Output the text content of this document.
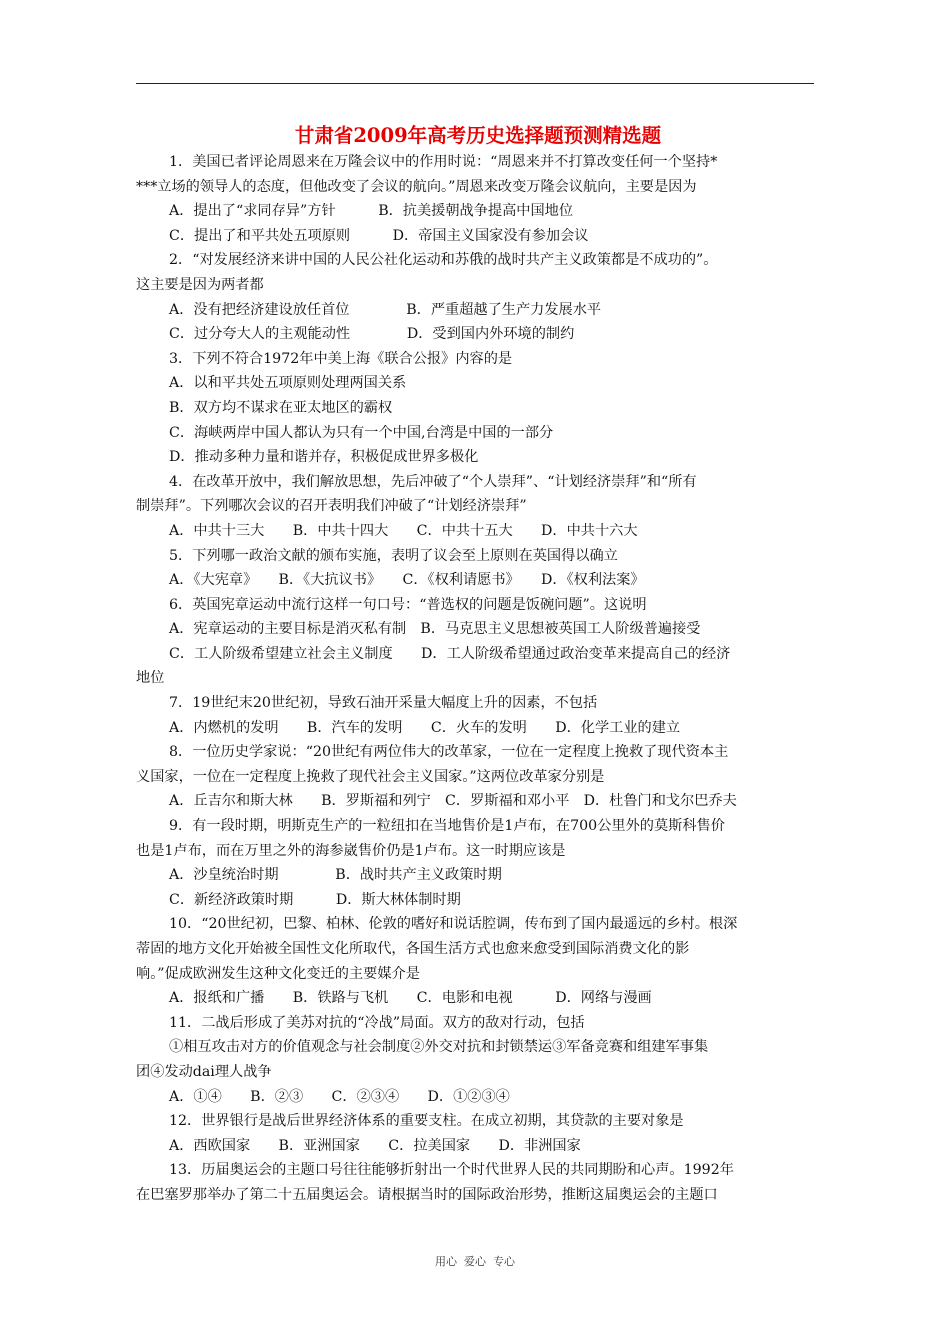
甘肃省2009年高考历史选择题预测精选题
1．美国已者评论周恩来在万隆会议中的作用时说：“周恩来并不打算改变任何一个坚持*
***立场的领导人的态度，但他改变了会议的航向。”周恩来改变万隆会议航向，主要是因为
A．提出了“求同存异”方针　　　B．抗美援朝战争提高中国地位
C．提出了和平共处五项原则　　　D．帝国主义国家没有参加会议
2．“对发展经济来讲中国的人民公社化运动和苏俄的战时共产主义政策都是不成功的”。
这主要是因为两者都
A．没有把经济建设放任首位　　　　B．严重超越了生产力发展水平
C．过分夸大人的主观能动性　　　　D．受到国内外环境的制约
3．下列不符合1972年中美上海《联合公报》内容的是
A．以和平共处五项原则处理两国关系
B．双方均不谋求在亚太地区的霸权
C．海峡两岸中国人都认为只有一个中国,台湾是中国的一部分
D．推动多种力量和谐并存，积极促成世界多极化
4．在改革开放中，我们解放思想，先后冲破了“个人崇拜”、“计划经济崇拜”和“所有
制崇拜”。下列哪次会议的召开表明我们冲破了“计划经济崇拜”
A．中共十三大　　B．中共十四大　　C．中共十五大　　D．中共十六大
5．下列哪一政治文献的颁布实施，表明了议会至上原则在英国得以确立
A．《大宪章》　　B．《大抗议书》　　C．《权利请愿书》　　D．《权利法案》
6．英国宪章运动中流行这样一句口号：“普选权的问题是饭碗问题”。这说明
A．宪章运动的主要目标是消灭私有制　B．马克思主义思想被英国工人阶级普遍接受
C．工人阶级希望建立社会主义制度　　D．工人阶级希望通过政治变革来提高自己的经济
地位
7．19世纪末20世纪初，导致石油开采量大幅度上升的因素，不包括
A．内燃机的发明　　B．汽车的发明　　C．火车的发明　　D．化学工业的建立
8．一位历史学家说：“20世纪有两位伟大的改革家，一位在一定程度上挽救了现代资本主
义国家，一位在一定程度上挽救了现代社会主义国家。”这两位改革家分别是
A．丘吉尔和斯大林　　B．罗斯福和列宁　C．罗斯福和邓小平　D．杜鲁门和戈尔巴乔夫
9．有一段时期，明斯克生产的一粒纽扣在当地售价是1卢布，在700公里外的莫斯科售价
也是1卢布，而在万里之外的海参崴售价仍是1卢布。这一时期应该是
A．沙皇统治时期　　　　B．战时共产主义政策时期
C．新经济政策时期　　　D．斯大林体制时期
10．“20世纪初，巴黎、柏林、伦敦的嗜好和说话腔调，传布到了国内最遥远的乡村。根深
蒂固的地方文化开始被全国性文化所取代，各国生活方式也愈来愈受到国际消费文化的影
响。”促成欧洲发生这种文化变迁的主要媒介是
A．报纸和广播　　B．铁路与飞机　　C．电影和电视　　　D．网络与漫画
11．二战后形成了美苏对抗的“冷战”局面。双方的敌对行动，包括
①相互攻击对方的价值观念与社会制度②外交对抗和封锁禁运③军备竞赛和组建军事集
团④发动dai理人战争
A．①④　　B．②③　　C．②③④　　D．①②③④
12．世界银行是战后世界经济体系的重要支柱。在成立初期，其贷款的主要对象是
A．西欧国家　　B．亚洲国家　　C．拉美国家　　D．非洲国家
13．历届奥运会的主题口号往往能够折射出一个时代世界人民的共同期盼和心声。1992年
在巴塞罗那举办了第二十五届奥运会。请根据当时的国际政治形势，推断这届奥运会的主题口
用心  爱心  专心
